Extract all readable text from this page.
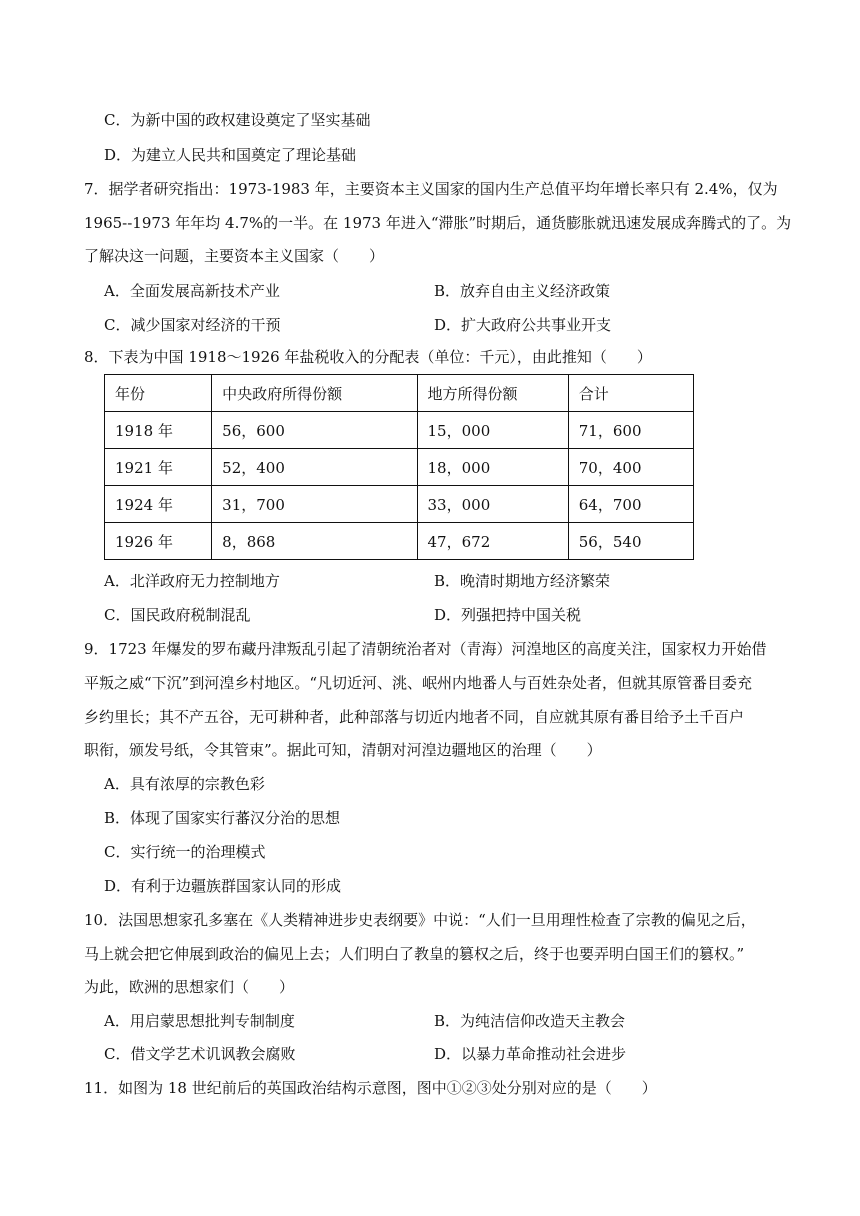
C．为新中国的政权建设奠定了坚实基础
D．为建立人民共和国奠定了理论基础
7．据学者研究指出：1973-1983 年，主要资本主义国家的国内生产总值平均年增长率只有 2.4%，仅为
1965--1973 年年均 4.7%的一半。在 1973 年进入“滞胀”时期后，通货膨胀就迅速发展成奔腾式的了。为
了解决这一问题，主要资本主义国家（　　）
A．全面发展高新技术产业	B．放弃自由主义经济政策
C．减少国家对经济的干预	D．扩大政府公共事业开支
8．下表为中国 1918～1926 年盐税收入的分配表（单位：千元），由此推知（　　）
年份	中央政府所得份额	地方所得份额	合计
1918 年	56，600	15，000	71，600
1921 年	52，400	18，000	70，400
1924 年	31，700	33，000	64，700
1926 年	8，868	47，672	56，540
A．北洋政府无力控制地方	B．晚清时期地方经济繁荣
C．国民政府税制混乱	D．列强把持中国关税
9．1723 年爆发的罗布藏丹津叛乱引起了清朝统治者对（青海）河湟地区的高度关注，国家权力开始借
平叛之威“下沉”到河湟乡村地区。“凡切近河、洮、岷州内地番人与百姓杂处者，但就其原管番目委充
乡约里长；其不产五谷，无可耕种者，此种部落与切近内地者不同，自应就其原有番目给予土千百户
职衔，颁发号纸，令其管束”。据此可知，清朝对河湟边疆地区的治理（　　）
A．具有浓厚的宗教色彩
B．体现了国家实行蕃汉分治的思想
C．实行统一的治理模式
D．有利于边疆族群国家认同的形成
10．法国思想家孔多塞在《人类精神进步史表纲要》中说：“人们一旦用理性检查了宗教的偏见之后，
马上就会把它伸展到政治的偏见上去；人们明白了教皇的篡权之后，终于也要弄明白国王们的篡权。”
为此，欧洲的思想家们（　　）
A．用启蒙思想批判专制制度	B．为纯洁信仰改造天主教会
C．借文学艺术讥讽教会腐败	D．以暴力革命推动社会进步
11．如图为 18 世纪前后的英国政治结构示意图，图中①②③处分别对应的是（　　）
